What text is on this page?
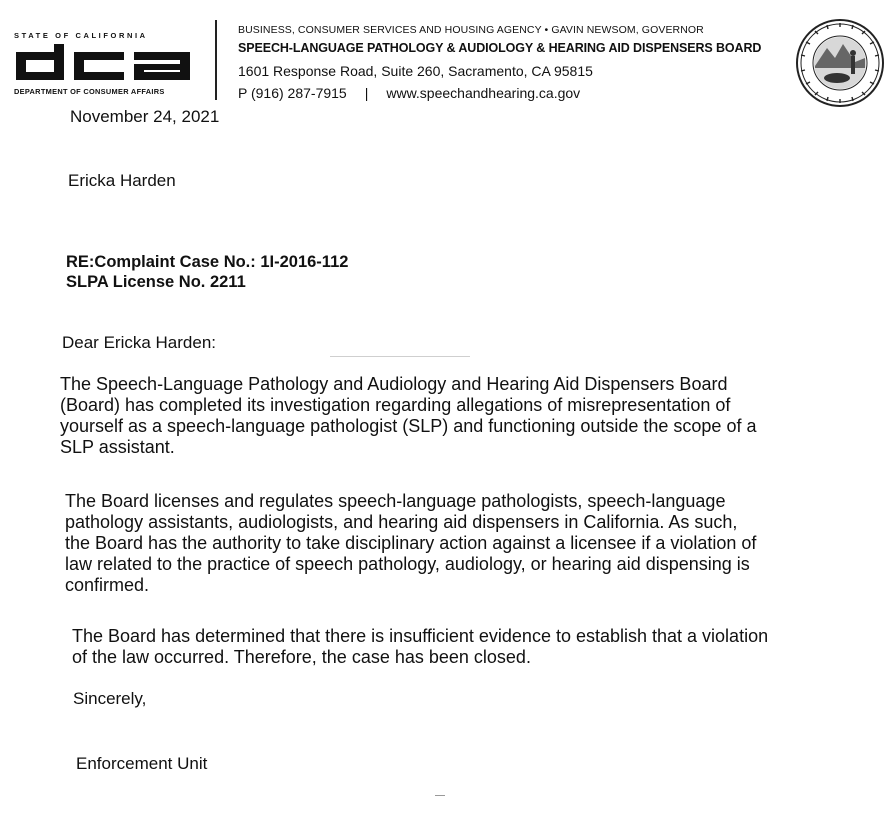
STATE OF CALIFORNIA
DEPARTMENT OF CONSUMER AFFAIRS
BUSINESS, CONSUMER SERVICES AND HOUSING AGENCY • GAVIN NEWSOM, GOVERNOR
SPEECH-LANGUAGE PATHOLOGY & AUDIOLOGY & HEARING AID DISPENSERS BOARD
1601 Response Road, Suite 260, Sacramento, CA 95815
P (916) 287-7915 | www.speechandhearing.ca.gov
November 24, 2021
Ericka Harden
RE:Complaint Case No.: 1I-2016-112
SLPA License No. 2211
Dear Ericka Harden:
The Speech-Language Pathology and Audiology and Hearing Aid Dispensers Board
(Board) has completed its investigation regarding allegations of misrepresentation of
yourself as a speech-language pathologist (SLP) and functioning outside the scope of a
SLP assistant.
The Board licenses and regulates speech-language pathologists, speech-language
pathology assistants, audiologists, and hearing aid dispensers in California. As such,
the Board has the authority to take disciplinary action against a licensee if a violation of
law related to the practice of speech pathology, audiology, or hearing aid dispensing is
confirmed.
The Board has determined that there is insufficient evidence to establish that a violation
of the law occurred. Therefore, the case has been closed.
Sincerely,
Enforcement Unit
